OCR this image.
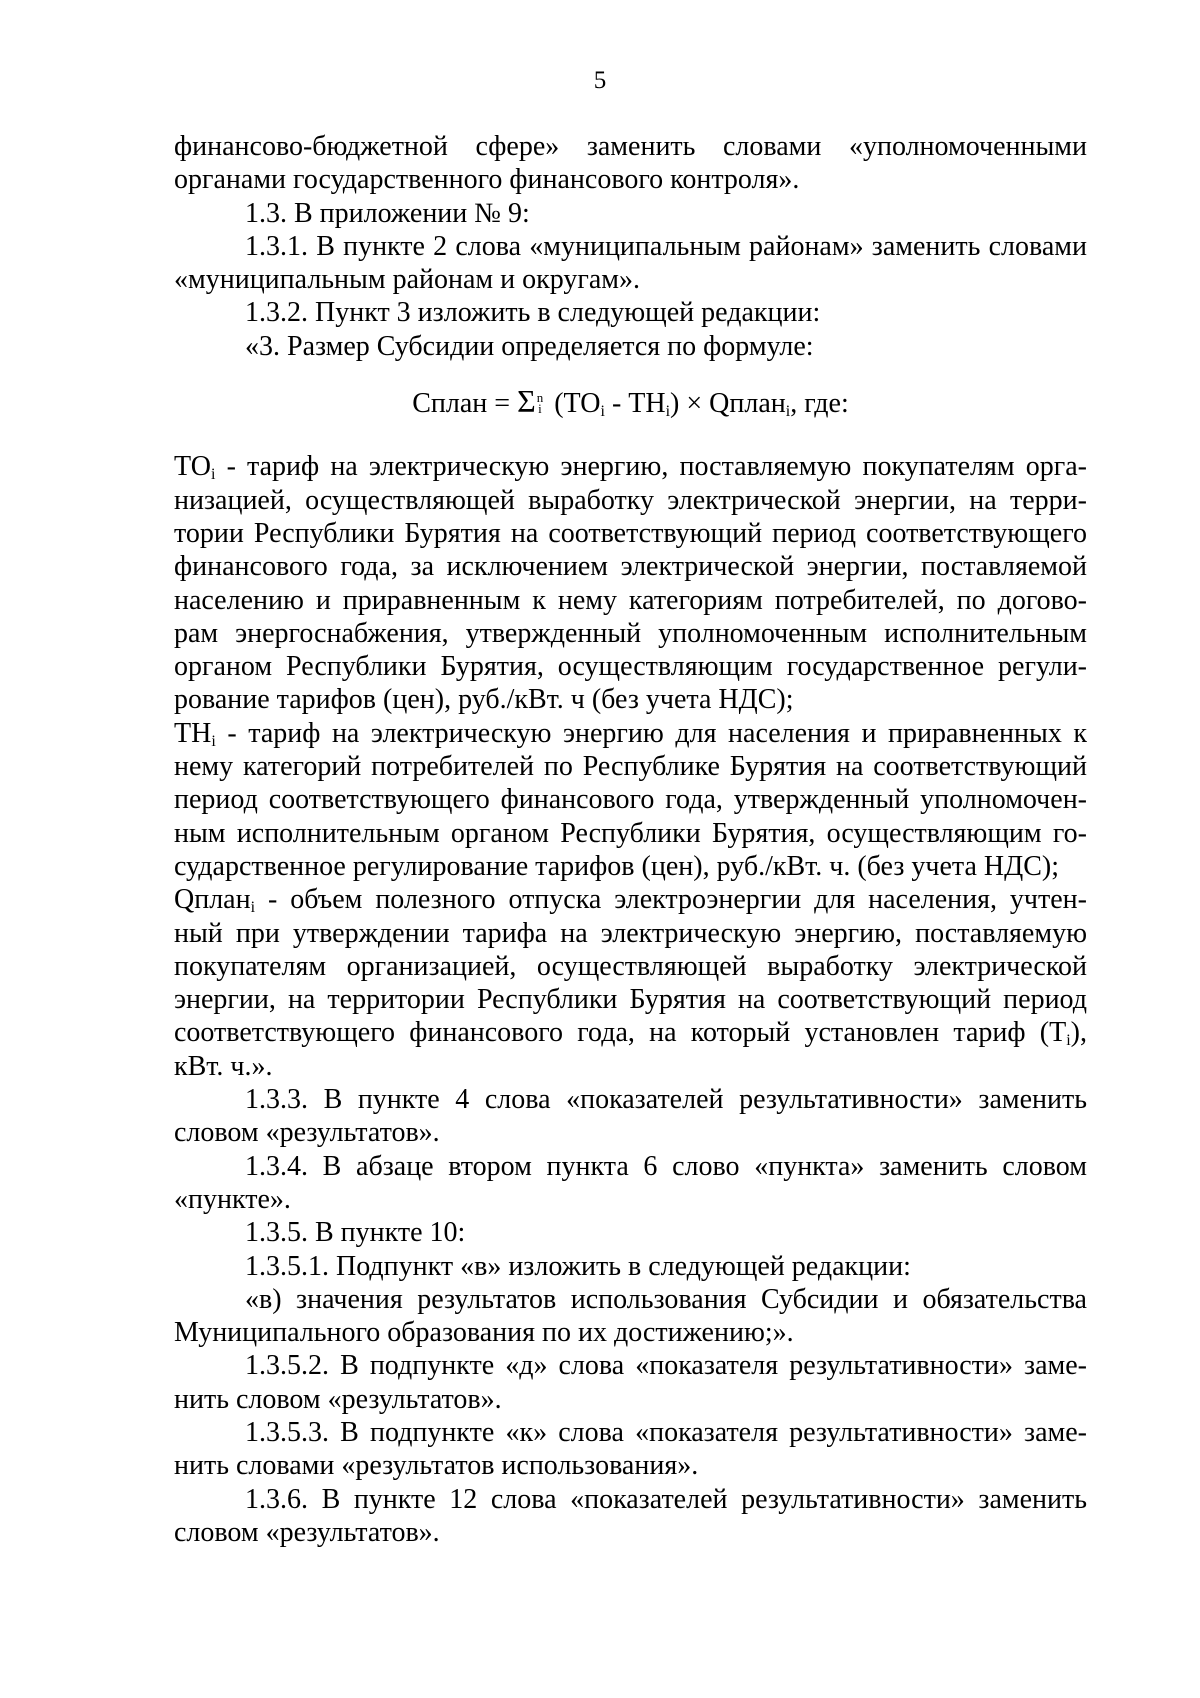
5

финансово-бюджетной сфере» заменить словами «уполномоченными органами государственного финансового контроля».

1.3. В приложении № 9:

1.3.1. В пункте 2 слова «муниципальным районам» заменить словами «муниципальным районам и округам».

1.3.2. Пункт 3 изложить в следующей редакции:

«3. Размер Субсидии определяется по формуле:

Сплан = Σ n
i $(ТО_i - ТН_i)$ × Qплан$_i$, где:

$ТО_i$ - тариф на электрическую энергию, поставляемую покупателям орга-низацией, осуществляющей выработку электрической энергии, на терри-тории Республики Бурятия на соответствующий период соответствующего финансового года, за исключением электрической энергии, поставляемой населению и приравненным к нему категориям потребителей, по догово-рам энергоснабжения, утвержденный уполномоченным исполнительным органом Республики Бурятия, осуществляющим государственное регули-рование тарифов (цен), руб./кВт. ч (без учета НДС);

$ТН_i$ - тариф на электрическую энергию для населения и приравненных к нему категорий потребителей по Республике Бурятия на соответствующий период соответствующего финансового года, утвержденный уполномочен-ным исполнительным органом Республики Бурятия, осуществляющим го-сударственное регулирование тарифов (цен), руб./кВт. ч. (без учета НДС);

Qплан$_i$ - объем полезного отпуска электроэнергии для населения, учтен-ный при утверждении тарифа на электрическую энергию, поставляемую покупателям организацией, осуществляющей выработку электрической энергии, на территории Республики Бурятия на соответствующий период соответствующего финансового года, на который установлен тариф $(Т_i)$, кВт. ч.».

1.3.3. В пункте 4 слова «показателей результативности» заменить словом «результатов».

1.3.4. В абзаце втором пункта 6 слово «пункта» заменить словом «пункте».

1.3.5. В пункте 10:

1.3.5.1. Подпункт «в» изложить в следующей редакции:

«в) значения результатов использования Субсидии и обязательства Муниципального образования по их достижению;».

1.3.5.2. В подпункте «д» слова «показателя результативности» заме-нить словом «результатов».

1.3.5.3. В подпункте «к» слова «показателя результативности» заме-нить словами «результатов использования».

1.3.6. В пункте 12 слова «показателей результативности» заменить словом «результатов».
